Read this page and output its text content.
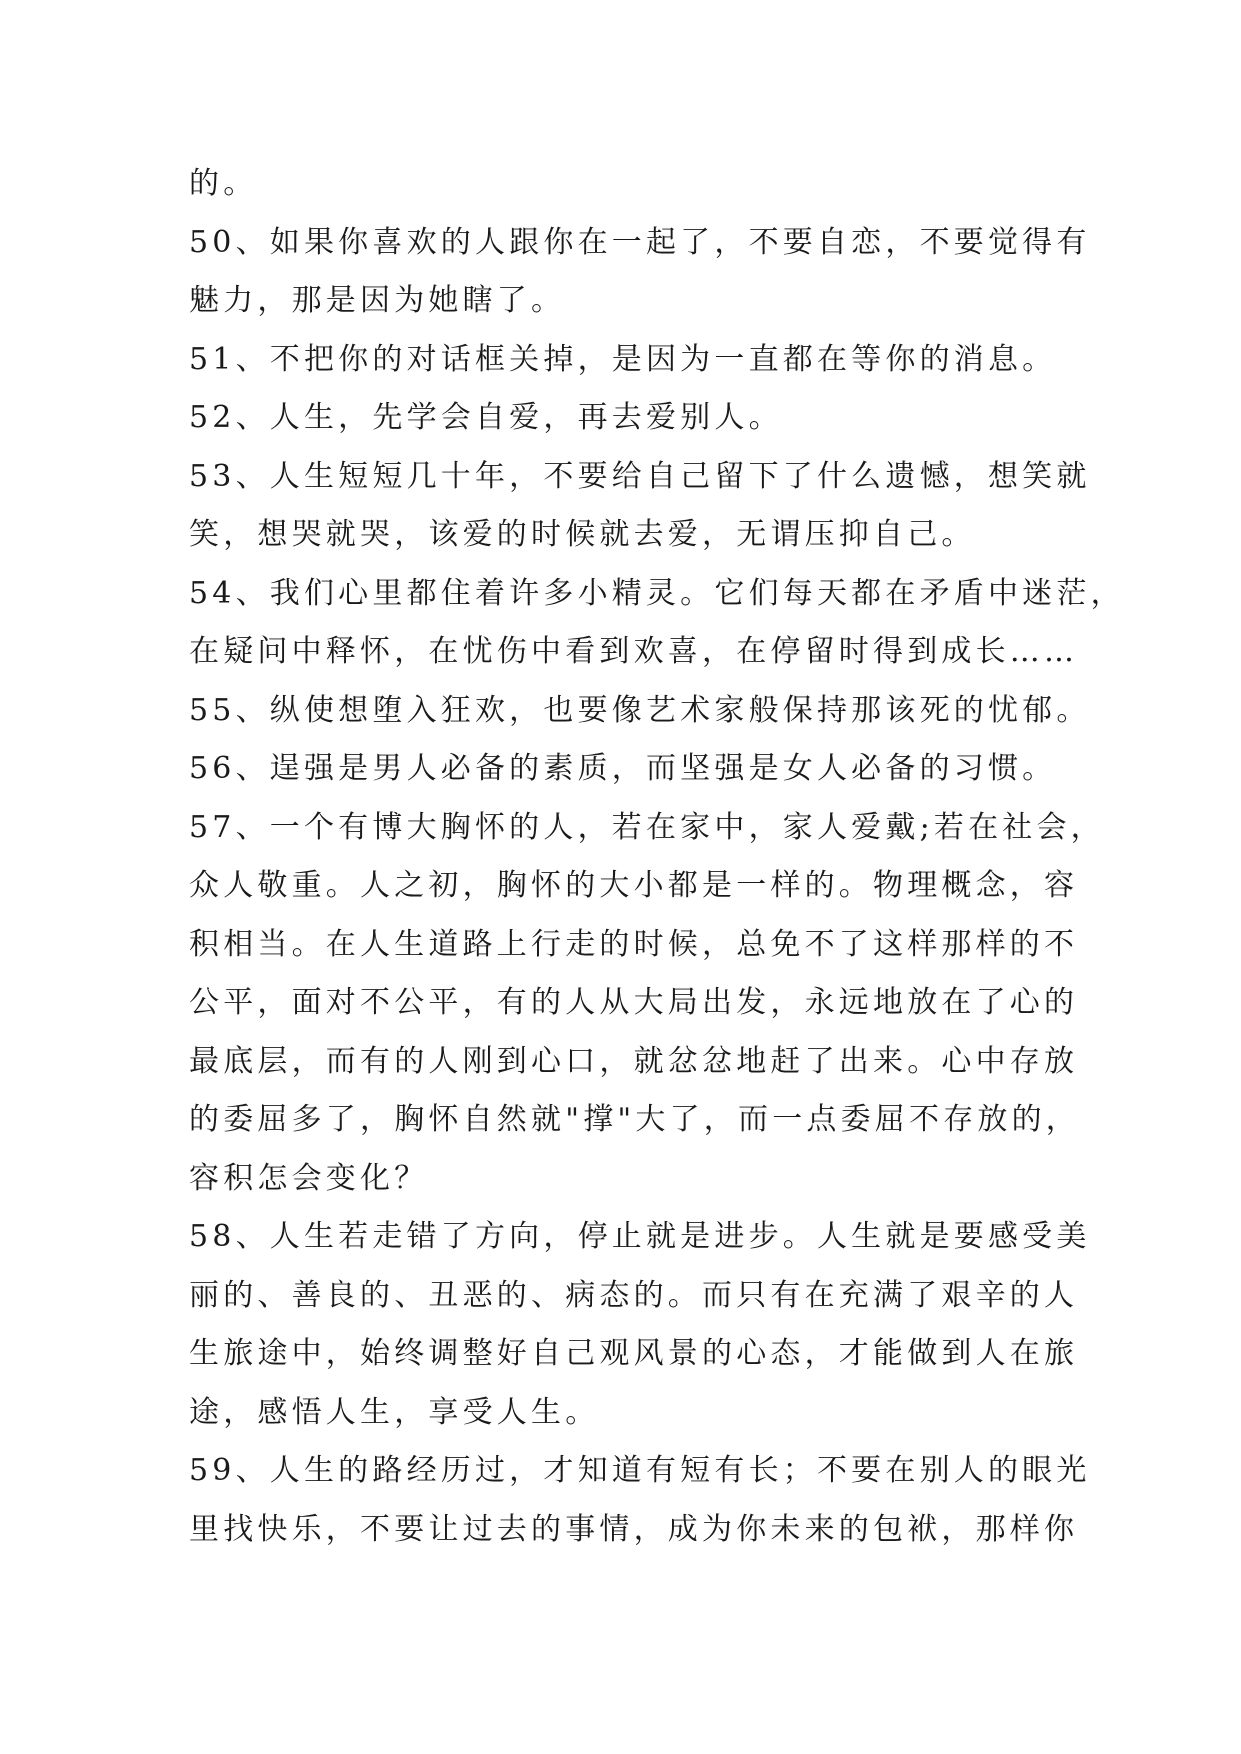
的。
50、如果你喜欢的人跟你在一起了，不要自恋，不要觉得有
魅力，那是因为她瞎了。
51、不把你的对话框关掉，是因为一直都在等你的消息。
52、人生，先学会自爱，再去爱别人。
53、人生短短几十年，不要给自己留下了什么遗憾，想笑就
笑，想哭就哭，该爱的时候就去爱，无谓压抑自己。
54、我们心里都住着许多小精灵。它们每天都在矛盾中迷茫，
在疑问中释怀，在忧伤中看到欢喜，在停留时得到成长……
55、纵使想堕入狂欢，也要像艺术家般保持那该死的忧郁。
56、逞强是男人必备的素质，而坚强是女人必备的习惯。
57、一个有博大胸怀的人，若在家中，家人爱戴;若在社会，
众人敬重。人之初，胸怀的大小都是一样的。物理概念，容
积相当。在人生道路上行走的时候，总免不了这样那样的不
公平，面对不公平，有的人从大局出发，永远地放在了心的
最底层，而有的人刚到心口，就忿忿地赶了出来。心中存放
的委屈多了，胸怀自然就"撑"大了，而一点委屈不存放的，
容积怎会变化？
58、人生若走错了方向，停止就是进步。人生就是要感受美
丽的、善良的、丑恶的、病态的。而只有在充满了艰辛的人
生旅途中，始终调整好自己观风景的心态，才能做到人在旅
途，感悟人生，享受人生。
59、人生的路经历过，才知道有短有长；不要在别人的眼光
里找快乐，不要让过去的事情，成为你未来的包袱，那样你
